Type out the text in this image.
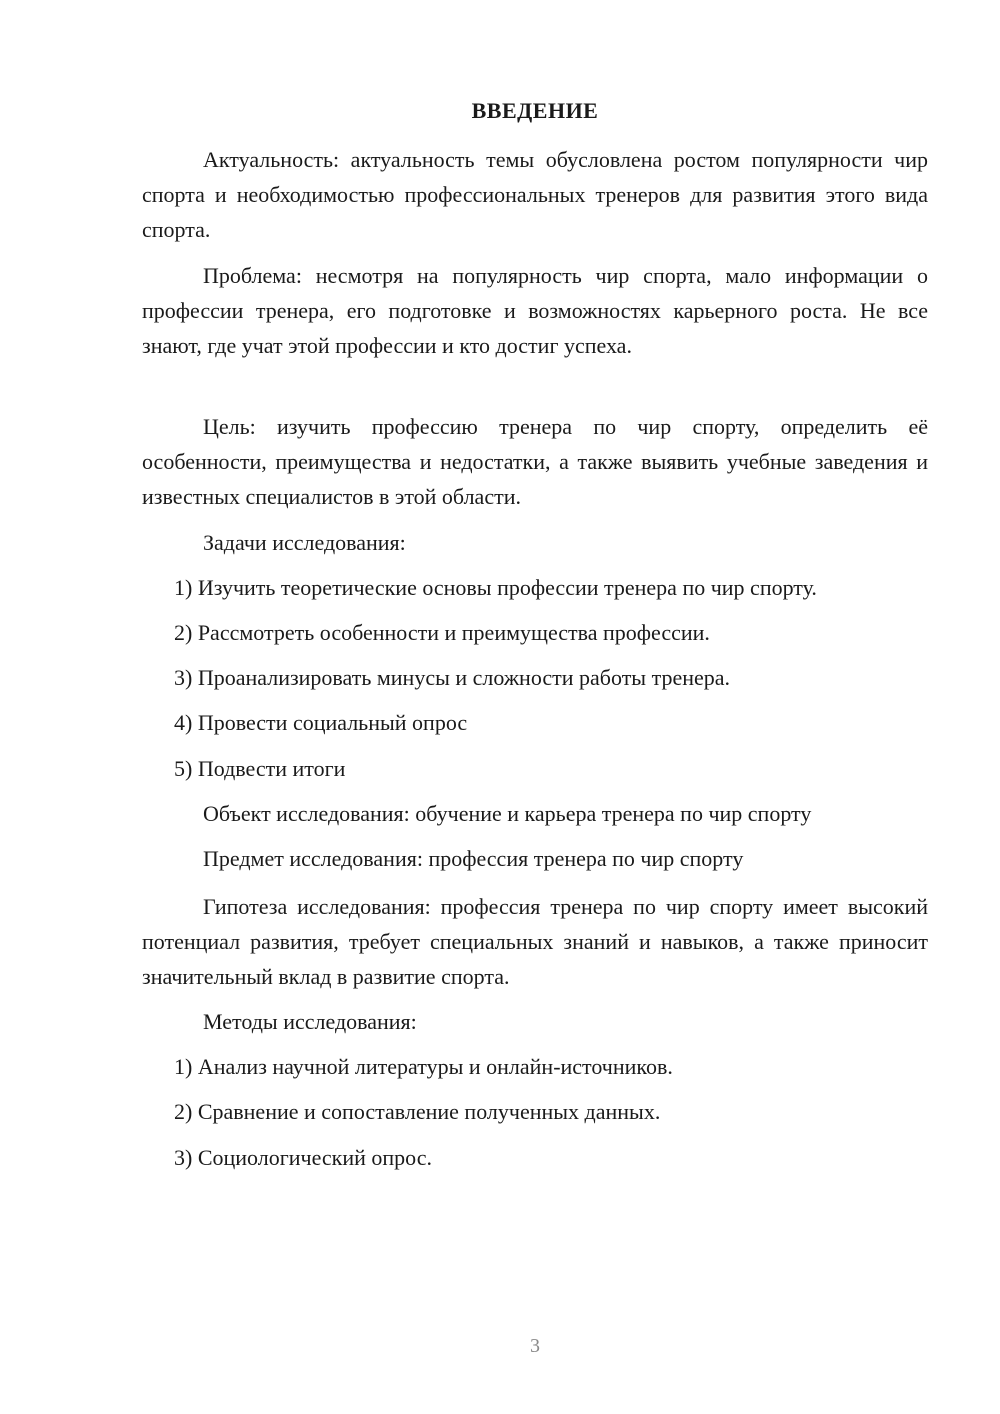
ВВЕДЕНИЕ
Актуальность: актуальность темы обусловлена ростом популярности чир спорта и необходимостью профессиональных тренеров для развития этого вида спорта.
Проблема: несмотря на популярность чир спорта, мало информации о профессии тренера, его подготовке и возможностях карьерного роста. Не все знают, где учат этой профессии и кто достиг успеха.
Цель: изучить профессию тренера по чир спорту, определить её особенности, преимущества и недостатки, а также выявить учебные заведения и известных специалистов в этой области.
Задачи исследования:
1) Изучить теоретические основы профессии тренера по чир спорту.
2) Рассмотреть особенности и преимущества профессии.
3) Проанализировать минусы и сложности работы тренера.
4) Провести социальный опрос
5) Подвести итоги
Объект исследования: обучение и карьера тренера по чир спорту
Предмет исследования: профессия тренера по чир спорту
Гипотеза исследования: профессия тренера по чир спорту имеет высокий потенциал развития, требует специальных знаний и навыков, а также приносит значительный вклад в развитие спорта.
Методы исследования:
1) Анализ научной литературы и онлайн-источников.
2) Сравнение и сопоставление полученных данных.
3) Социологический опрос.
3
